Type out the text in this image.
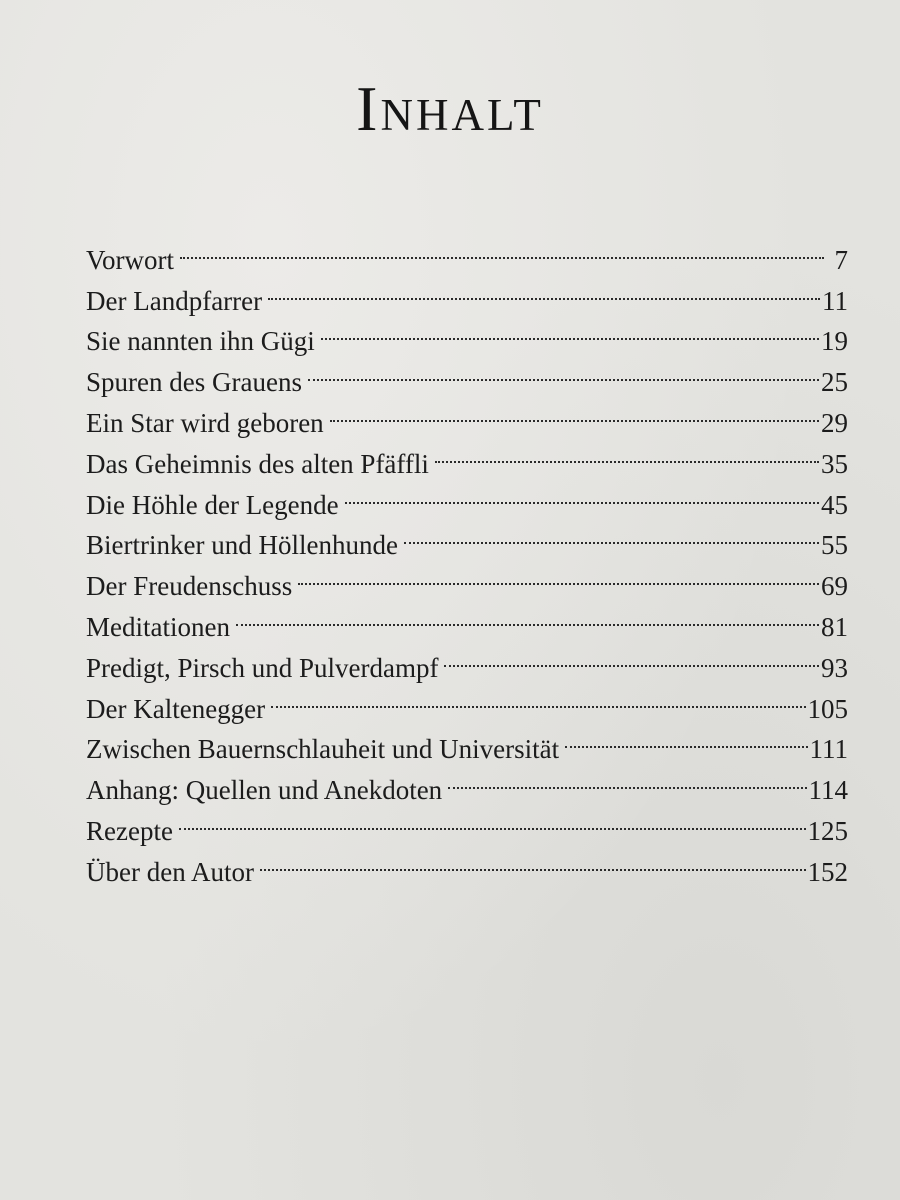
Inhalt
Vorwort	7
Der Landpfarrer	11
Sie nannten ihn Gügi	19
Spuren des Grauens	25
Ein Star wird geboren	29
Das Geheimnis des alten Pfäffli	35
Die Höhle der Legende	45
Biertrinker und Höllenhunde	55
Der Freudenschuss	69
Meditationen	81
Predigt, Pirsch und Pulverdampf	93
Der Kaltenegger	105
Zwischen Bauernschlauheit und Universität	111
Anhang: Quellen und Anekdoten	114
Rezepte	125
Über den Autor	152
